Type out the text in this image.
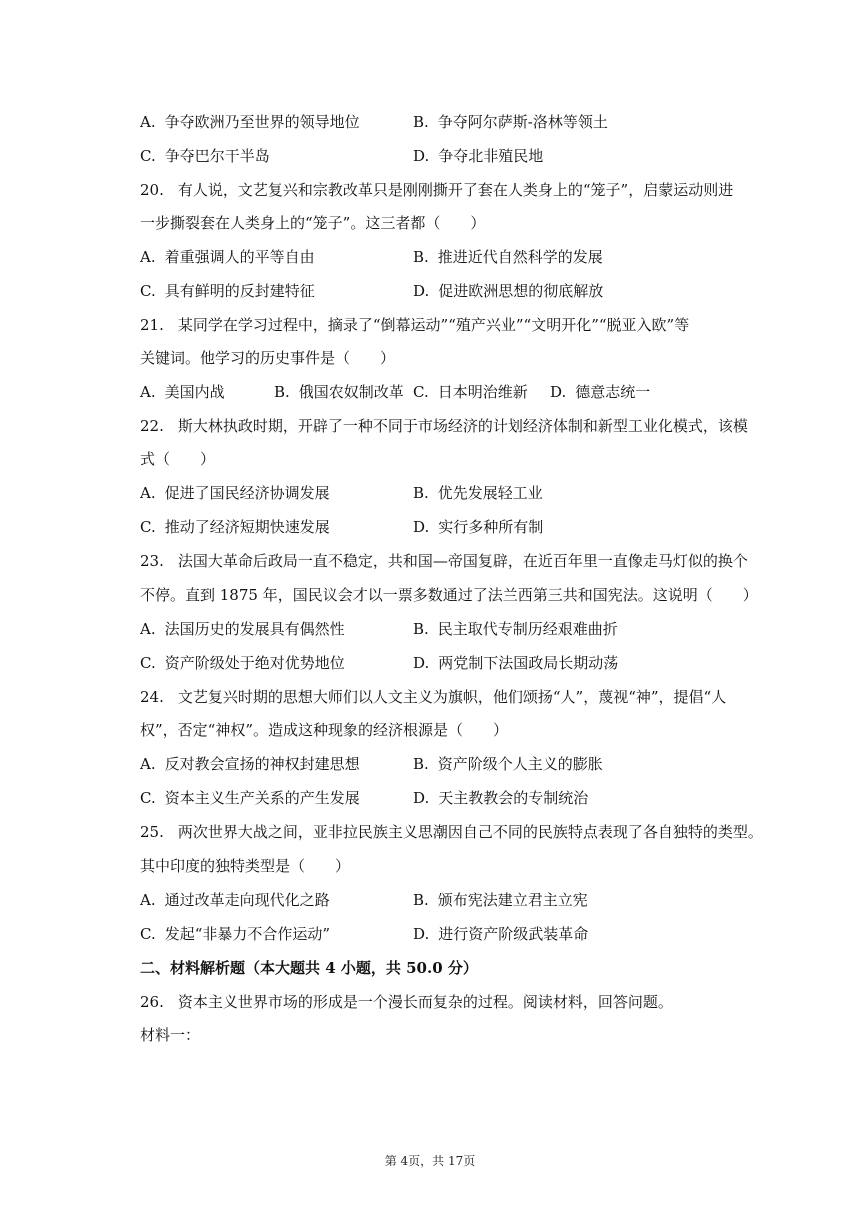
A. 争夺欧洲乃至世界的领导地位	B. 争夺阿尔萨斯-洛林等领土
C. 争夺巴尔干半岛	D. 争夺北非殖民地
20. 有人说，文艺复兴和宗教改革只是刚刚撕开了套在人类身上的“笼子”，启蒙运动则进
一步撕裂套在人类身上的“笼子”。这三者都（　　）
A. 着重强调人的平等自由	B. 推进近代自然科学的发展
C. 具有鲜明的反封建特征	D. 促进欧洲思想的彻底解放
21. 某同学在学习过程中，摘录了“倒幕运动”“殖产兴业”“文明开化”“脱亚入欧”等
关键词。他学习的历史事件是（　　）
A. 美国内战	B. 俄国农奴制改革 C. 日本明治维新 D. 德意志统一
22. 斯大林执政时期，开辟了一种不同于市场经济的计划经济体制和新型工业化模式，该模
式（　　）
A. 促进了国民经济协调发展	B. 优先发展轻工业
C. 推动了经济短期快速发展	D. 实行多种所有制
23. 法国大革命后政局一直不稳定，共和国—帝国复辟，在近百年里一直像走马灯似的换个
不停。直到 1875 年，国民议会才以一票多数通过了法兰西第三共和国宪法。这说明（　　）
A. 法国历史的发展具有偶然性	B. 民主取代专制历经艰难曲折
C. 资产阶级处于绝对优势地位	D. 两党制下法国政局长期动荡
24. 文艺复兴时期的思想大师们以人文主义为旗帜，他们颂扬“人”，蔑视“神”，提倡“人
权”，否定“神权”。造成这种现象的经济根源是（　　）
A. 反对教会宣扬的神权封建思想	B. 资产阶级个人主义的膨胀
C. 资本主义生产关系的产生发展	D. 天主教教会的专制统治
25. 两次世界大战之间，亚非拉民族主义思潮因自己不同的民族特点表现了各自独特的类型。
其中印度的独特类型是（　　）
A. 通过改革走向现代化之路	B. 颁布宪法建立君主立宪
C. 发起“非暴力不合作运动”	D. 进行资产阶级武装革命
二、材料解析题（本大题共 4 小题，共 50.0 分）
26. 资本主义世界市场的形成是一个漫长而复杂的过程。阅读材料，回答问题。
材料一：
第 4页，共 17页
